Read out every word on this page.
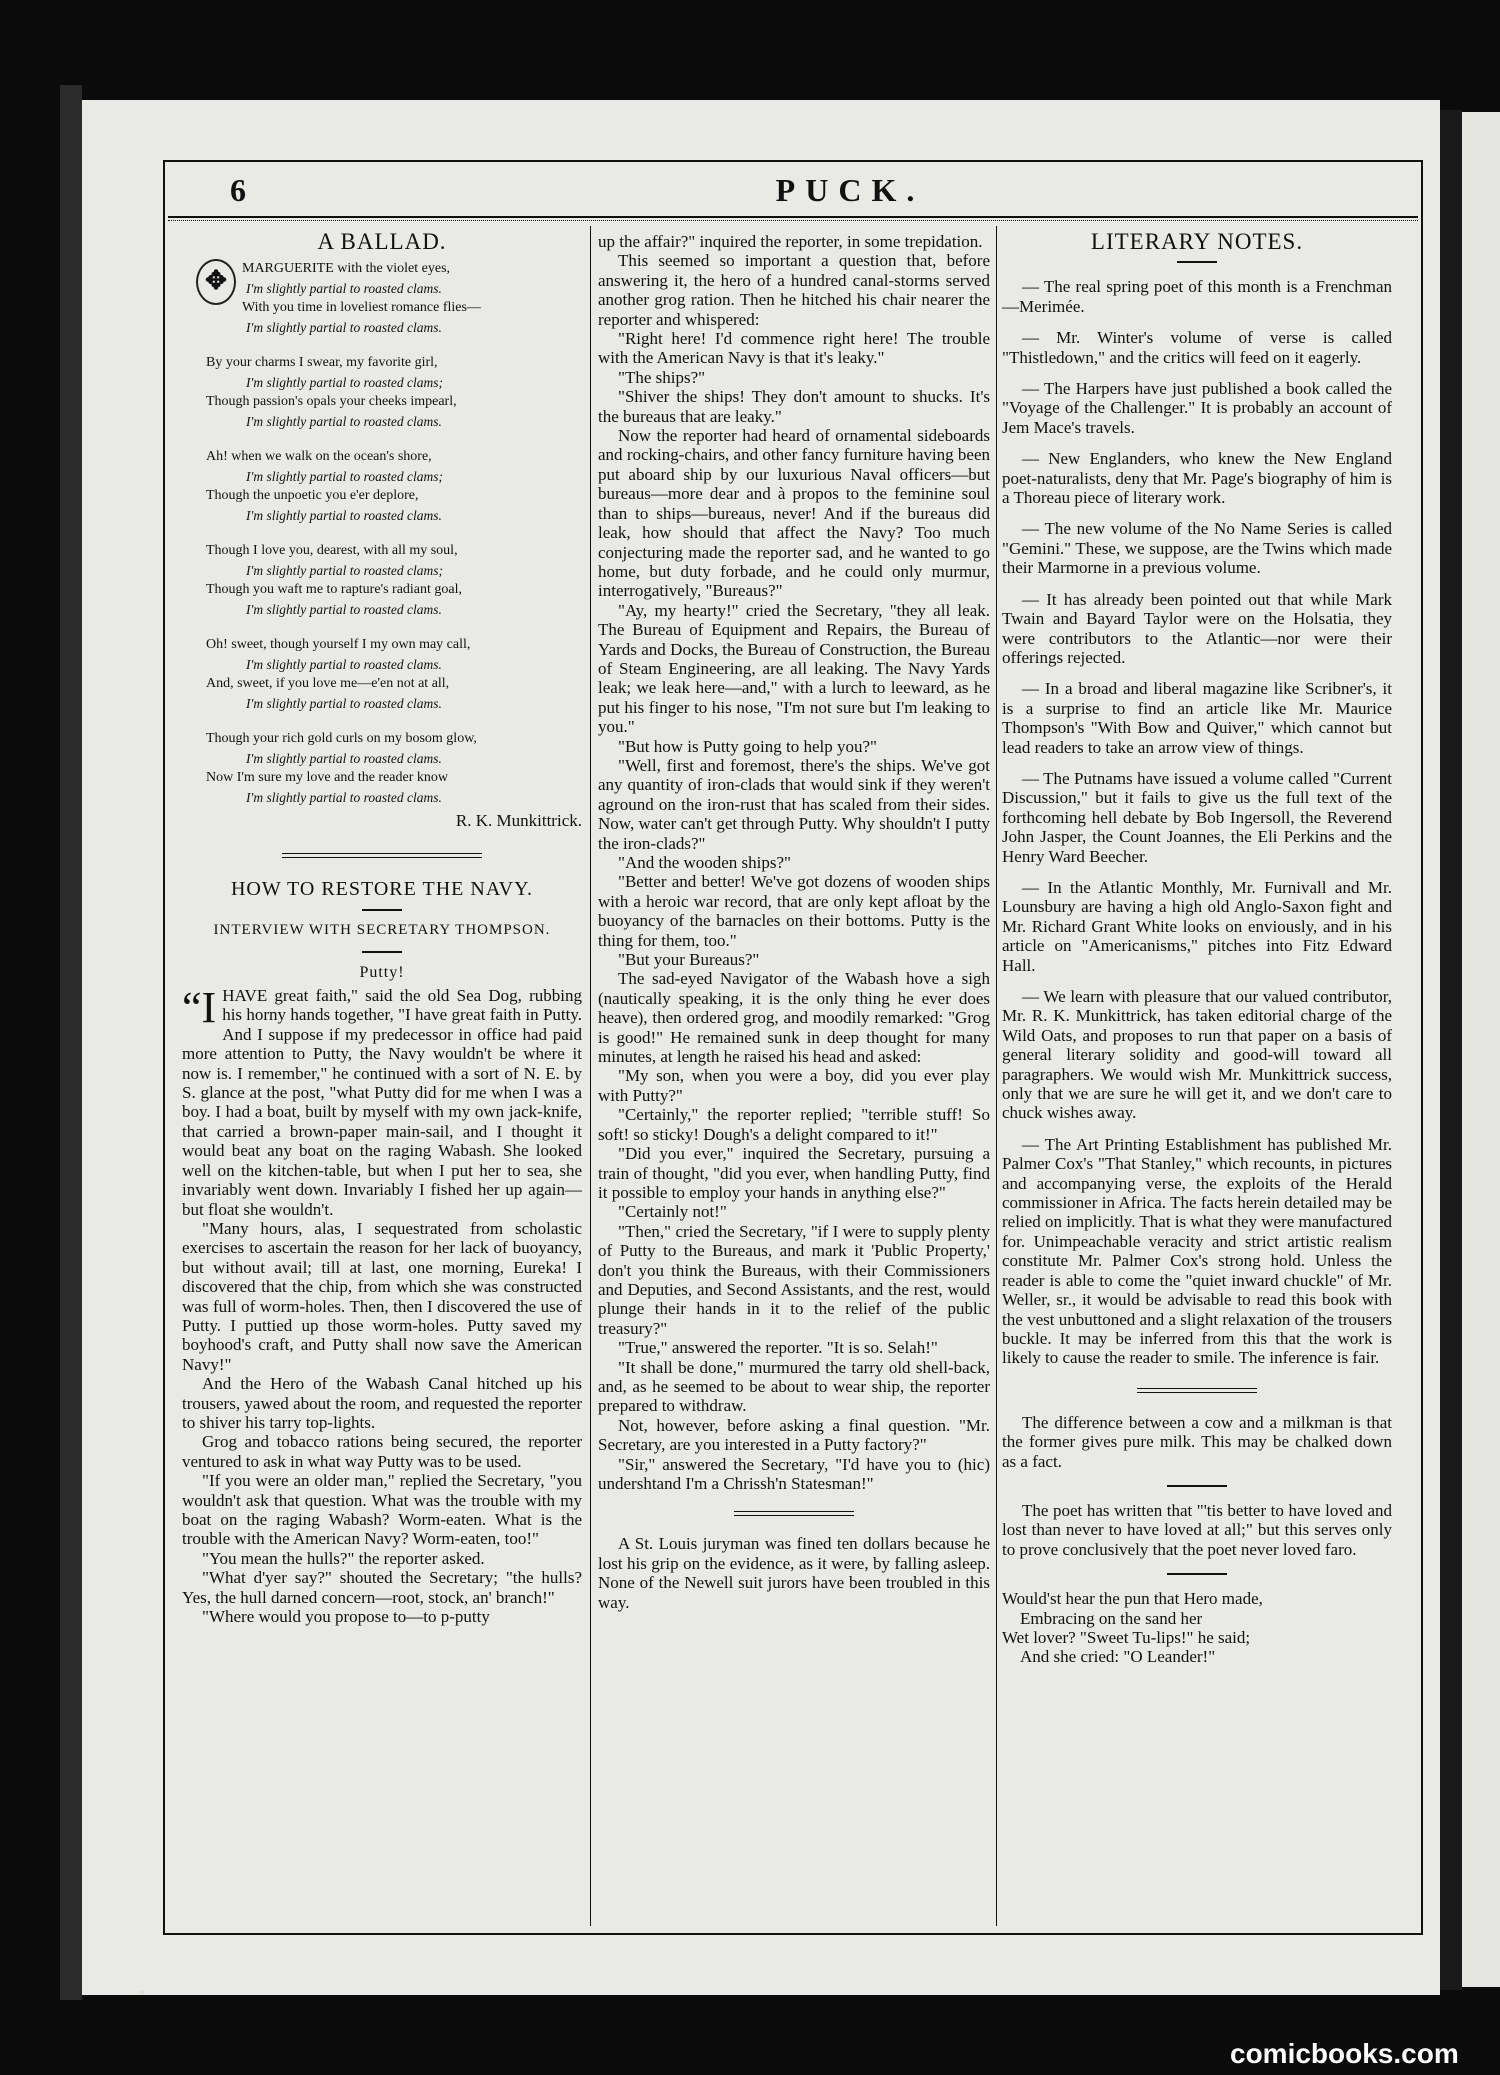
6	PUCK.
A BALLAD.
✥	MARGUERITE with the violet eyes,
I'm slightly partial to roasted clams.
With you time in loveliest romance flies—
I'm slightly partial to roasted clams.
By your charms I swear, my favorite girl,
I'm slightly partial to roasted clams;
Though passion's opals your cheeks impearl,
I'm slightly partial to roasted clams.
Ah! when we walk on the ocean's shore,
I'm slightly partial to roasted clams;
Though the unpoetic you e'er deplore,
I'm slightly partial to roasted clams.
Though I love you, dearest, with all my soul,
I'm slightly partial to roasted clams;
Though you waft me to rapture's radiant goal,
I'm slightly partial to roasted clams.
Oh! sweet, though yourself I my own may call,
I'm slightly partial to roasted clams.
And, sweet, if you love me—e'en not at all,
I'm slightly partial to roasted clams.
Though your rich gold curls on my bosom glow,
I'm slightly partial to roasted clams.
Now I'm sure my love and the reader know
I'm slightly partial to roasted clams.
R. K. Munkittrick.
HOW TO RESTORE THE NAVY.
INTERVIEW WITH SECRETARY THOMPSON.
Putty!

“IHAVE great faith," said the old Sea Dog, rubbing his horny hands together, "I have great faith in Putty. And I suppose if my predecessor in office had paid more attention to Putty, the Navy wouldn't be where it now is. I remember," he continued with a sort of N. E. by S. glance at the post, "what Putty did for me when I was a boy. I had a boat, built by myself with my own jack-knife, that carried a brown-paper main-sail, and I thought it would beat any boat on the raging Wabash. She looked well on the kitchen-table, but when I put her to sea, she invariably went down. Invariably I fished her up again—but float she wouldn't.

"Many hours, alas, I sequestrated from scholastic exercises to ascertain the reason for her lack of buoyancy, but without avail; till at last, one morning, Eureka! I discovered that the chip, from which she was constructed was full of worm-holes. Then, then I discovered the use of Putty. I puttied up those worm-holes. Putty saved my boyhood's craft, and Putty shall now save the American Navy!"

And the Hero of the Wabash Canal hitched up his trousers, yawed about the room, and requested the reporter to shiver his tarry top-lights.

Grog and tobacco rations being secured, the reporter ventured to ask in what way Putty was to be used.

"If you were an older man," replied the Secretary, "you wouldn't ask that question. What was the trouble with my boat on the raging Wabash? Worm-eaten. What is the trouble with the American Navy? Worm-eaten, too!"

"You mean the hulls?" the reporter asked.

"What d'yer say?" shouted the Secretary; "the hulls? Yes, the hull darned concern—root, stock, an' branch!"

"Where would you propose to—to p-putty

up the affair?" inquired the reporter, in some trepidation.

This seemed so important a question that, before answering it, the hero of a hundred canal-storms served another grog ration. Then he hitched his chair nearer the reporter and whispered:

"Right here! I'd commence right here! The trouble with the American Navy is that it's leaky."

"The ships?"

"Shiver the ships! They don't amount to shucks. It's the bureaus that are leaky."

Now the reporter had heard of ornamental sideboards and rocking-chairs, and other fancy furniture having been put aboard ship by our luxurious Naval officers—but bureaus—more dear and à propos to the feminine soul than to ships—bureaus, never! And if the bureaus did leak, how should that affect the Navy? Too much conjecturing made the reporter sad, and he wanted to go home, but duty forbade, and he could only murmur, interrogatively, "Bureaus?"

"Ay, my hearty!" cried the Secretary, "they all leak. The Bureau of Equipment and Repairs, the Bureau of Yards and Docks, the Bureau of Construction, the Bureau of Steam Engineering, are all leaking. The Navy Yards leak; we leak here—and," with a lurch to leeward, as he put his finger to his nose, "I'm not sure but I'm leaking to you."

"But how is Putty going to help you?"

"Well, first and foremost, there's the ships. We've got any quantity of iron-clads that would sink if they weren't aground on the iron-rust that has scaled from their sides. Now, water can't get through Putty. Why shouldn't I putty the iron-clads?"

"And the wooden ships?"

"Better and better! We've got dozens of wooden ships with a heroic war record, that are only kept afloat by the buoyancy of the barnacles on their bottoms. Putty is the thing for them, too."

"But your Bureaus?"

The sad-eyed Navigator of the Wabash hove a sigh (nautically speaking, it is the only thing he ever does heave), then ordered grog, and moodily remarked: "Grog is good!" He remained sunk in deep thought for many minutes, at length he raised his head and asked:

"My son, when you were a boy, did you ever play with Putty?"

"Certainly," the reporter replied; "terrible stuff! So soft! so sticky! Dough's a delight compared to it!"

"Did you ever," inquired the Secretary, pursuing a train of thought, "did you ever, when handling Putty, find it possible to employ your hands in anything else?"

"Certainly not!"

"Then," cried the Secretary, "if I were to supply plenty of Putty to the Bureaus, and mark it 'Public Property,' don't you think the Bureaus, with their Commissioners and Deputies, and Second Assistants, and the rest, would plunge their hands in it to the relief of the public treasury?"

"True," answered the reporter. "It is so. Selah!"

"It shall be done," murmured the tarry old shell-back, and, as he seemed to be about to wear ship, the reporter prepared to withdraw.

Not, however, before asking a final question. "Mr. Secretary, are you interested in a Putty factory?"

"Sir," answered the Secretary, "I'd have you to (hic) undershtand I'm a Chrissh'n Statesman!"

A St. Louis juryman was fined ten dollars because he lost his grip on the evidence, as it were, by falling asleep. None of the Newell suit jurors have been troubled in this way.

LITERARY NOTES.

— The real spring poet of this month is a Frenchman—Merimée.

— Mr. Winter's volume of verse is called "Thistledown," and the critics will feed on it eagerly.

— The Harpers have just published a book called the "Voyage of the Challenger." It is probably an account of Jem Mace's travels.

— New Englanders, who knew the New England poet-naturalists, deny that Mr. Page's biography of him is a Thoreau piece of literary work.

— The new volume of the No Name Series is called "Gemini." These, we suppose, are the Twins which made their Marmorne in a previous volume.

— It has already been pointed out that while Mark Twain and Bayard Taylor were on the Holsatia, they were contributors to the Atlantic—nor were their offerings rejected.

— In a broad and liberal magazine like Scribner's, it is a surprise to find an article like Mr. Maurice Thompson's "With Bow and Quiver," which cannot but lead readers to take an arrow view of things.

— The Putnams have issued a volume called "Current Discussion," but it fails to give us the full text of the forthcoming hell debate by Bob Ingersoll, the Reverend John Jasper, the Count Joannes, the Eli Perkins and the Henry Ward Beecher.

— In the Atlantic Monthly, Mr. Furnivall and Mr. Lounsbury are having a high old Anglo-Saxon fight and Mr. Richard Grant White looks on enviously, and in his article on "Americanisms," pitches into Fitz Edward Hall.

— We learn with pleasure that our valued contributor, Mr. R. K. Munkittrick, has taken editorial charge of the Wild Oats, and proposes to run that paper on a basis of general literary solidity and good-will toward all paragraphers. We would wish Mr. Munkittrick success, only that we are sure he will get it, and we don't care to chuck wishes away.

— The Art Printing Establishment has published Mr. Palmer Cox's "That Stanley," which recounts, in pictures and accompanying verse, the exploits of the Herald commissioner in Africa. The facts herein detailed may be relied on implicitly. That is what they were manufactured for. Unimpeachable veracity and strict artistic realism constitute Mr. Palmer Cox's strong hold. Unless the reader is able to come the "quiet inward chuckle" of Mr. Weller, sr., it would be advisable to read this book with the vest unbuttoned and a slight relaxation of the trousers buckle. It may be inferred from this that the work is likely to cause the reader to smile. The inference is fair.

The difference between a cow and a milkman is that the former gives pure milk. This may be chalked down as a fact.

The poet has written that "'tis better to have loved and lost than never to have loved at all;" but this serves only to prove conclusively that the poet never loved faro.

Would'st hear the pun that Hero made,
Embracing on the sand her
Wet lover? "Sweet Tu-lips!" he said;
And she cried: "O Leander!"
comicbooks.com
